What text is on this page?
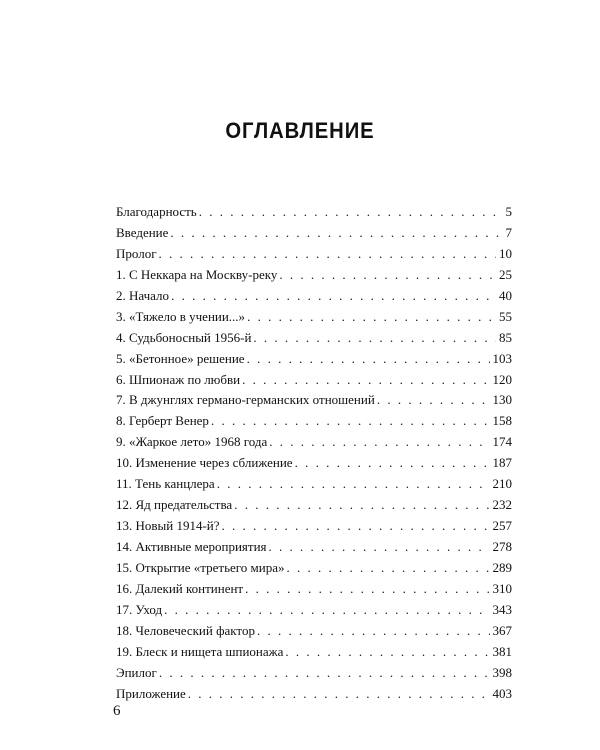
ОГЛАВЛЕНИЕ
Благодарность . . .	5
Введение . . .	7
Пролог . . .	10
1. С Неккара на Москву-реку . . .	25
2. Начало . . .	40
3. «Тяжело в учении...» . . .	55
4. Судьбоносный 1956-й . . .	85
5. «Бетонное» решение . . .	103
6. Шпионаж по любви . . .	120
7. В джунглях германо-германских отношений . . .	130
8. Герберт Венер . . .	158
9. «Жаркое лето» 1968 года . . .	174
10. Изменение через сближение . . .	187
11. Тень канцлера . . .	210
12. Яд предательства . . .	232
13. Новый 1914-й? . . .	257
14. Активные мероприятия . . .	278
15. Открытие «третьего мира» . . .	289
16. Далекий континент . . .	310
17. Уход . . .	343
18. Человеческий фактор . . .	367
19. Блеск и нищета шпионажа . . .	381
Эпилог . . .	398
Приложение . . .	403
6
